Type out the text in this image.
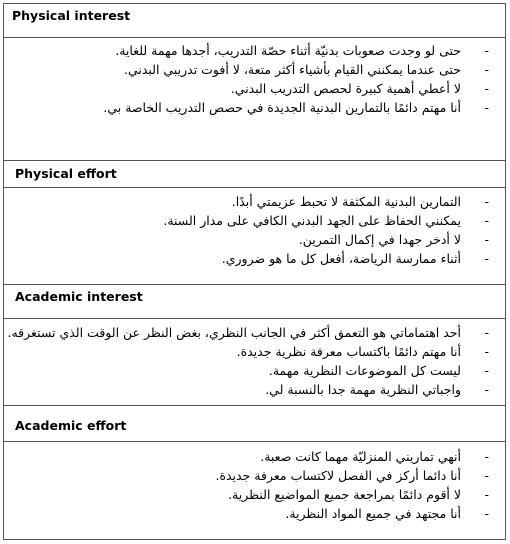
Physical interest
-
حتى لو وجدت صعوبات بدنيّة أثناء حصّة التدريب، أجدها مهمة للغاية.
-
حتى عندما يمكنني القيام بأشياء أكثر متعة، لا أفوت تدريبي البدني.
-
لا أعطي أهمية كبيرة لحصص التدريب البدني.
-
أنا مهتم دائمًا بالتمارين البدنية الجديدة في حصص التدريب الخاصة بي.
Physical effort
-
التمارين البدنية المكثفة لا تحبط عزيمتي أبدًا.
-
يمكنني الحفاظ على الجهد البدني الكافي على مدار السنة.
-
لا أدخر جهدا في إكمال التمرين.
-
أثناء ممارسة الرياضة، أفعل كل ما هو ضروري.
Academic interest
-
أحد اهتماماتي هو التعمق أكثر في الجانب النظري، بغض النظر عن الوقت الذي تستغرقه.
-
أنا مهتم دائمًا باكتساب معرفة نظرية جديدة.
-
ليست كل الموضوعات النظرية مهمة.
-
واجباتي النظرية مهمة جدا بالنسبة لي.
Academic effort
-
أنهي تماريني المنزليّة مهما كانت صعبة.
-
أنا دائما أركز في الفصل لاكتساب معرفة جديدة.
-
لا أقوم دائمًا بمراجعة جميع المواضيع النظرية.
-
أنا مجتهد في جميع المواد النظرية.
